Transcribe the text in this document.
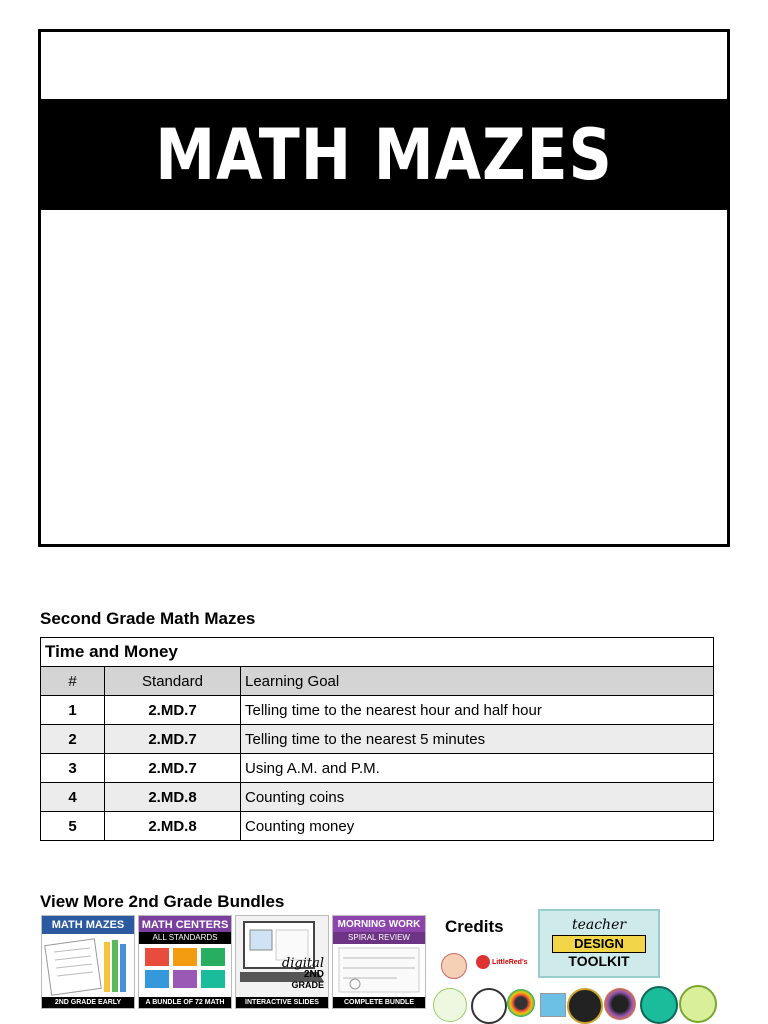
MATH MAZES
Second Grade Math Mazes
Time and Money		
#	Standard	Learning Goal
1	2.MD.7	Telling time to the nearest hour and half hour
2	2.MD.7	Telling time to the nearest 5 minutes
3	2.MD.7	Using A.M. and P.M.
4	2.MD.8	Counting coins
5	2.MD.8	Counting money
View More 2nd Grade Bundles
MATH MAZES
2ND GRADE EARLY FINISHERS
MATH CENTERS
ALL STANDARDS
A BUNDLE OF 72 MATH GAMES
digital
2ND
GRADE
INTERACTIVE SLIDES
MORNING WORK
SPIRAL REVIEW
COMPLETE BUNDLE
Credits	teacher
DESIGN
TOOLKIT
LittleRed's
